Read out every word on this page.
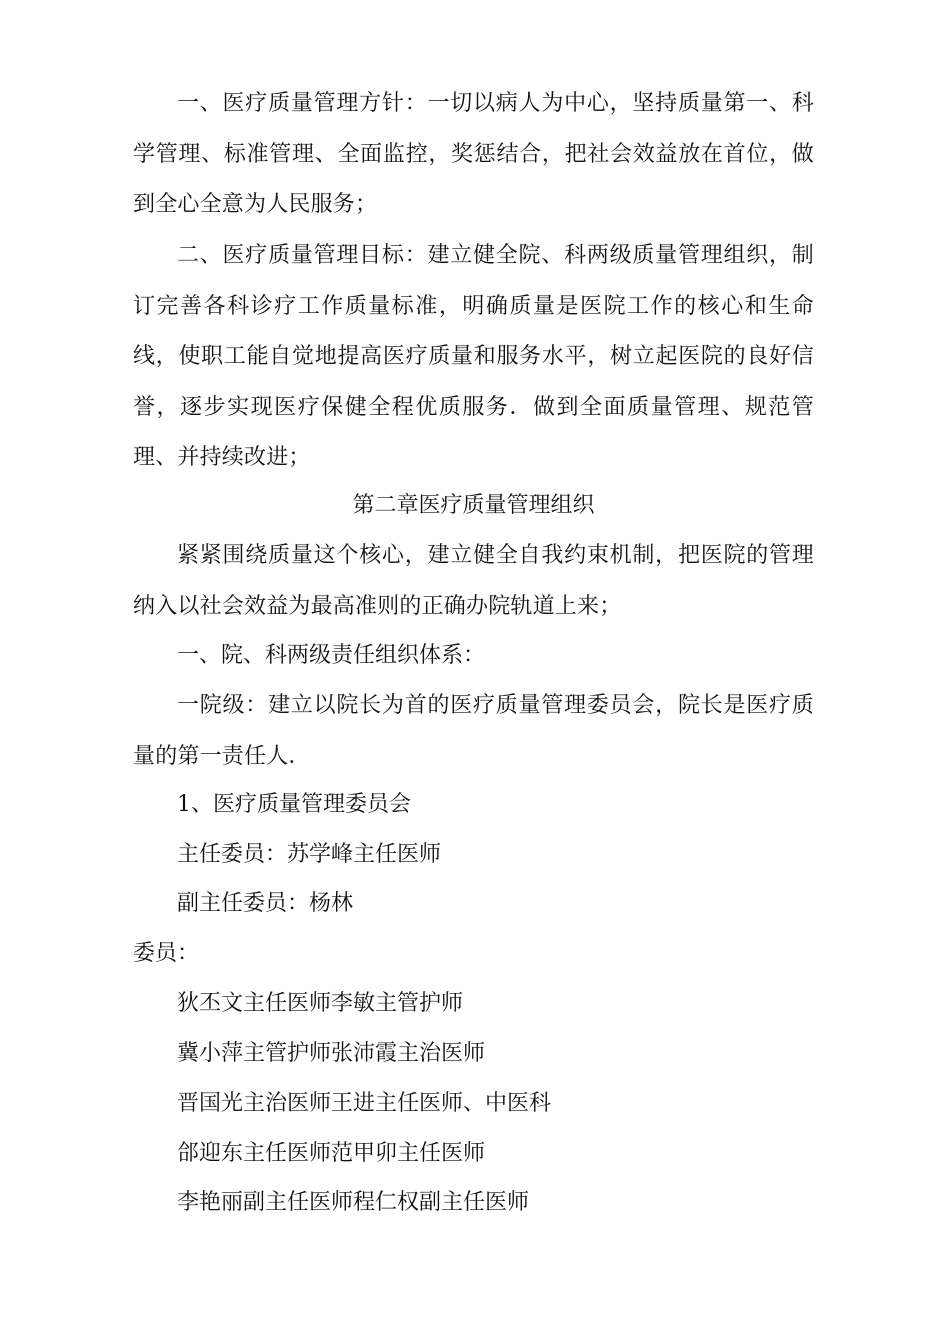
一、医疗质量管理方针：一切以病人为中心，坚持质量第一、科学管理、标准管理、全面监控，奖惩结合，把社会效益放在首位，做到全心全意为人民服务；

二、医疗质量管理目标：建立健全院、科两级质量管理组织，制订完善各科诊疗工作质量标准，明确质量是医院工作的核心和生命线，使职工能自觉地提高医疗质量和服务水平，树立起医院的良好信誉，逐步实现医疗保健全程优质服务．做到全面质量管理、规范管理、并持续改进；

第二章医疗质量管理组织

紧紧围绕质量这个核心，建立健全自我约束机制，把医院的管理纳入以社会效益为最高准则的正确办院轨道上来；

一、院、科两级责任组织体系：

一院级：建立以院长为首的医疗质量管理委员会，院长是医疗质量的第一责任人．

1、医疗质量管理委员会

主任委员：苏学峰主任医师

副主任委员：杨林

委员：

狄丕文主任医师李敏主管护师

冀小萍主管护师张沛霞主治医师

晋国光主治医师王进主任医师、中医科

郃迎东主任医师范甲卯主任医师

李艳丽副主任医师程仁权副主任医师
